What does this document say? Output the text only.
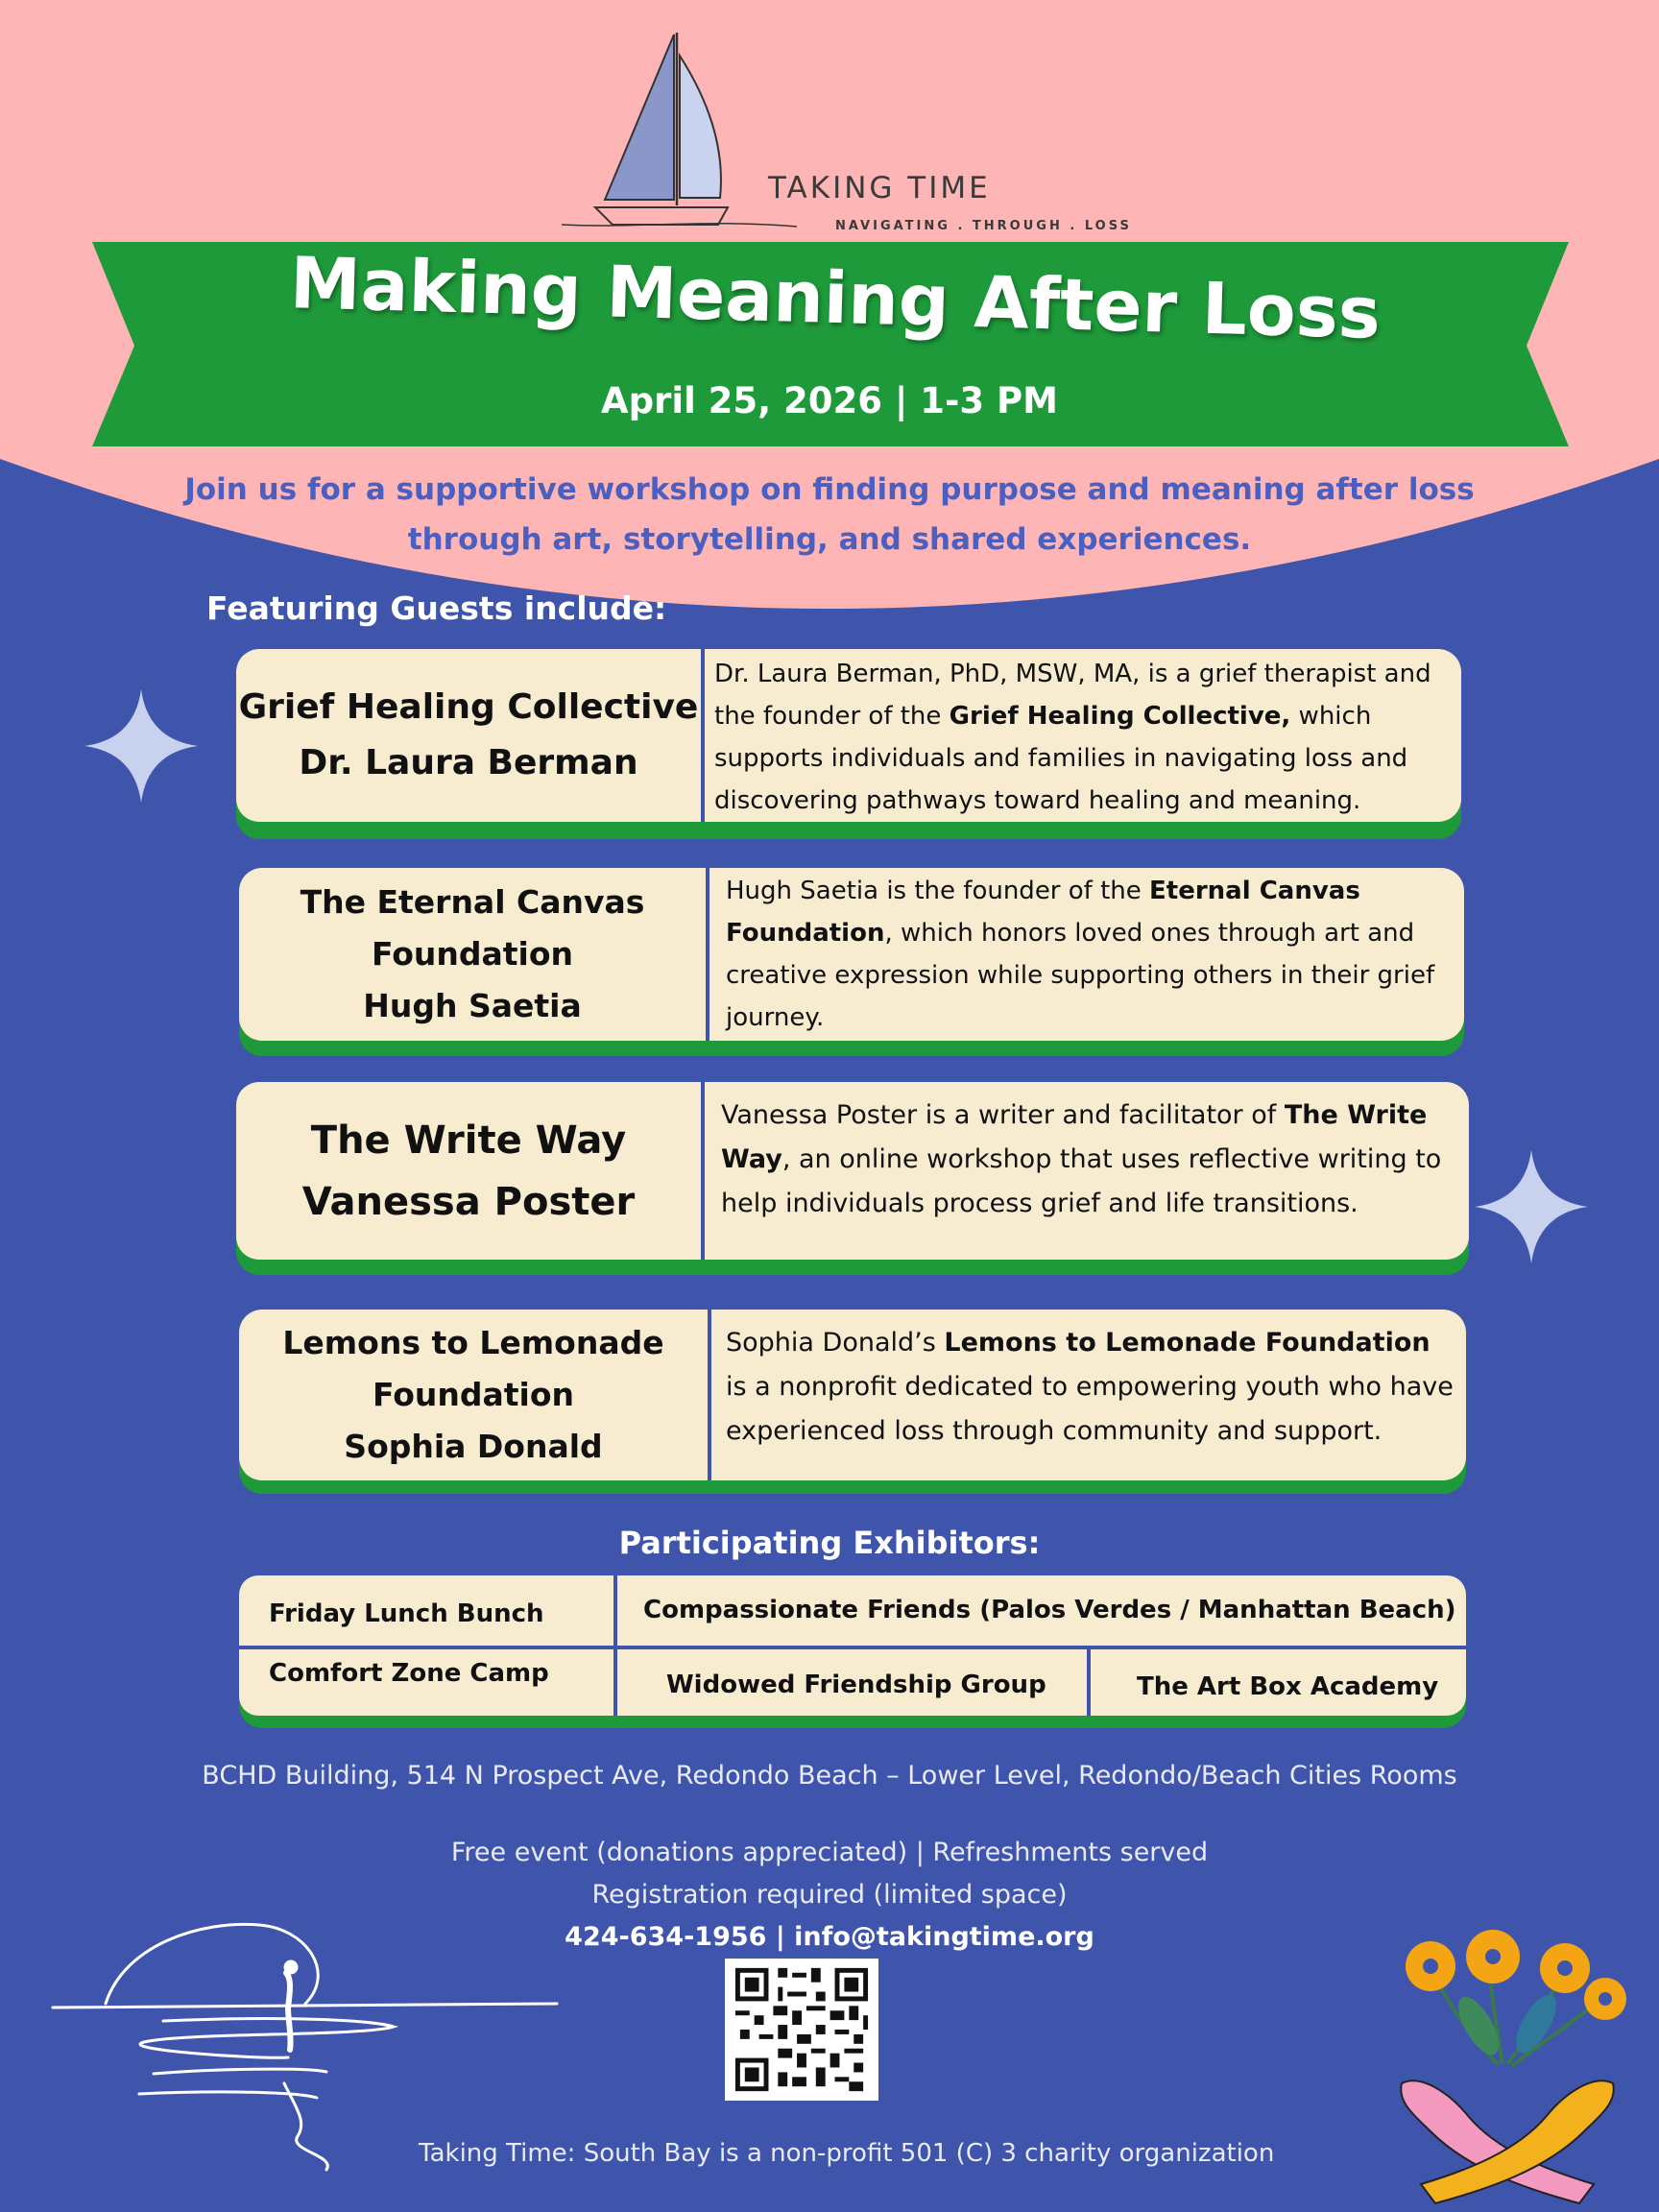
TAKING TIME
NAVIGATING . THROUGH . LOSS
Making Meaning After Loss
April 25, 2026 | 1-3 PM
Join us for a supportive workshop on finding purpose and meaning after loss through art, storytelling, and shared experiences.
Featuring Guests include:
Grief Healing Collective
Dr. Laura Berman
Dr. Laura Berman, PhD, MSW, MA, is a grief therapist and the founder of the Grief Healing Collective, which supports individuals and families in navigating loss and discovering pathways toward healing and meaning.
The Eternal Canvas
Foundation
Hugh Saetia
Hugh Saetia is the founder of the Eternal Canvas Foundation, which honors loved ones through art and creative expression while supporting others in their grief journey.
The Write Way
Vanessa Poster
Vanessa Poster is a writer and facilitator of The Write Way, an online workshop that uses reflective writing to help individuals process grief and life transitions.
Lemons to Lemonade
Foundation
Sophia Donald
Sophia Donald’s Lemons to Lemonade Foundation is a nonprofit dedicated to empowering youth who have experienced loss through community and support.
Participating Exhibitors:
Friday Lunch Bunch	Compassionate Friends (Palos Verdes / Manhattan Beach)
Comfort Zone Camp	Widowed Friendship Group	The Art Box Academy
BCHD Building, 514 N Prospect Ave, Redondo Beach – Lower Level, Redondo/Beach Cities Rooms
Free event (donations appreciated) | Refreshments served
Registration required (limited space)
424-634-1956 | info@takingtime.org
Taking Time: South Bay is a non-profit 501 (C) 3 charity organization
